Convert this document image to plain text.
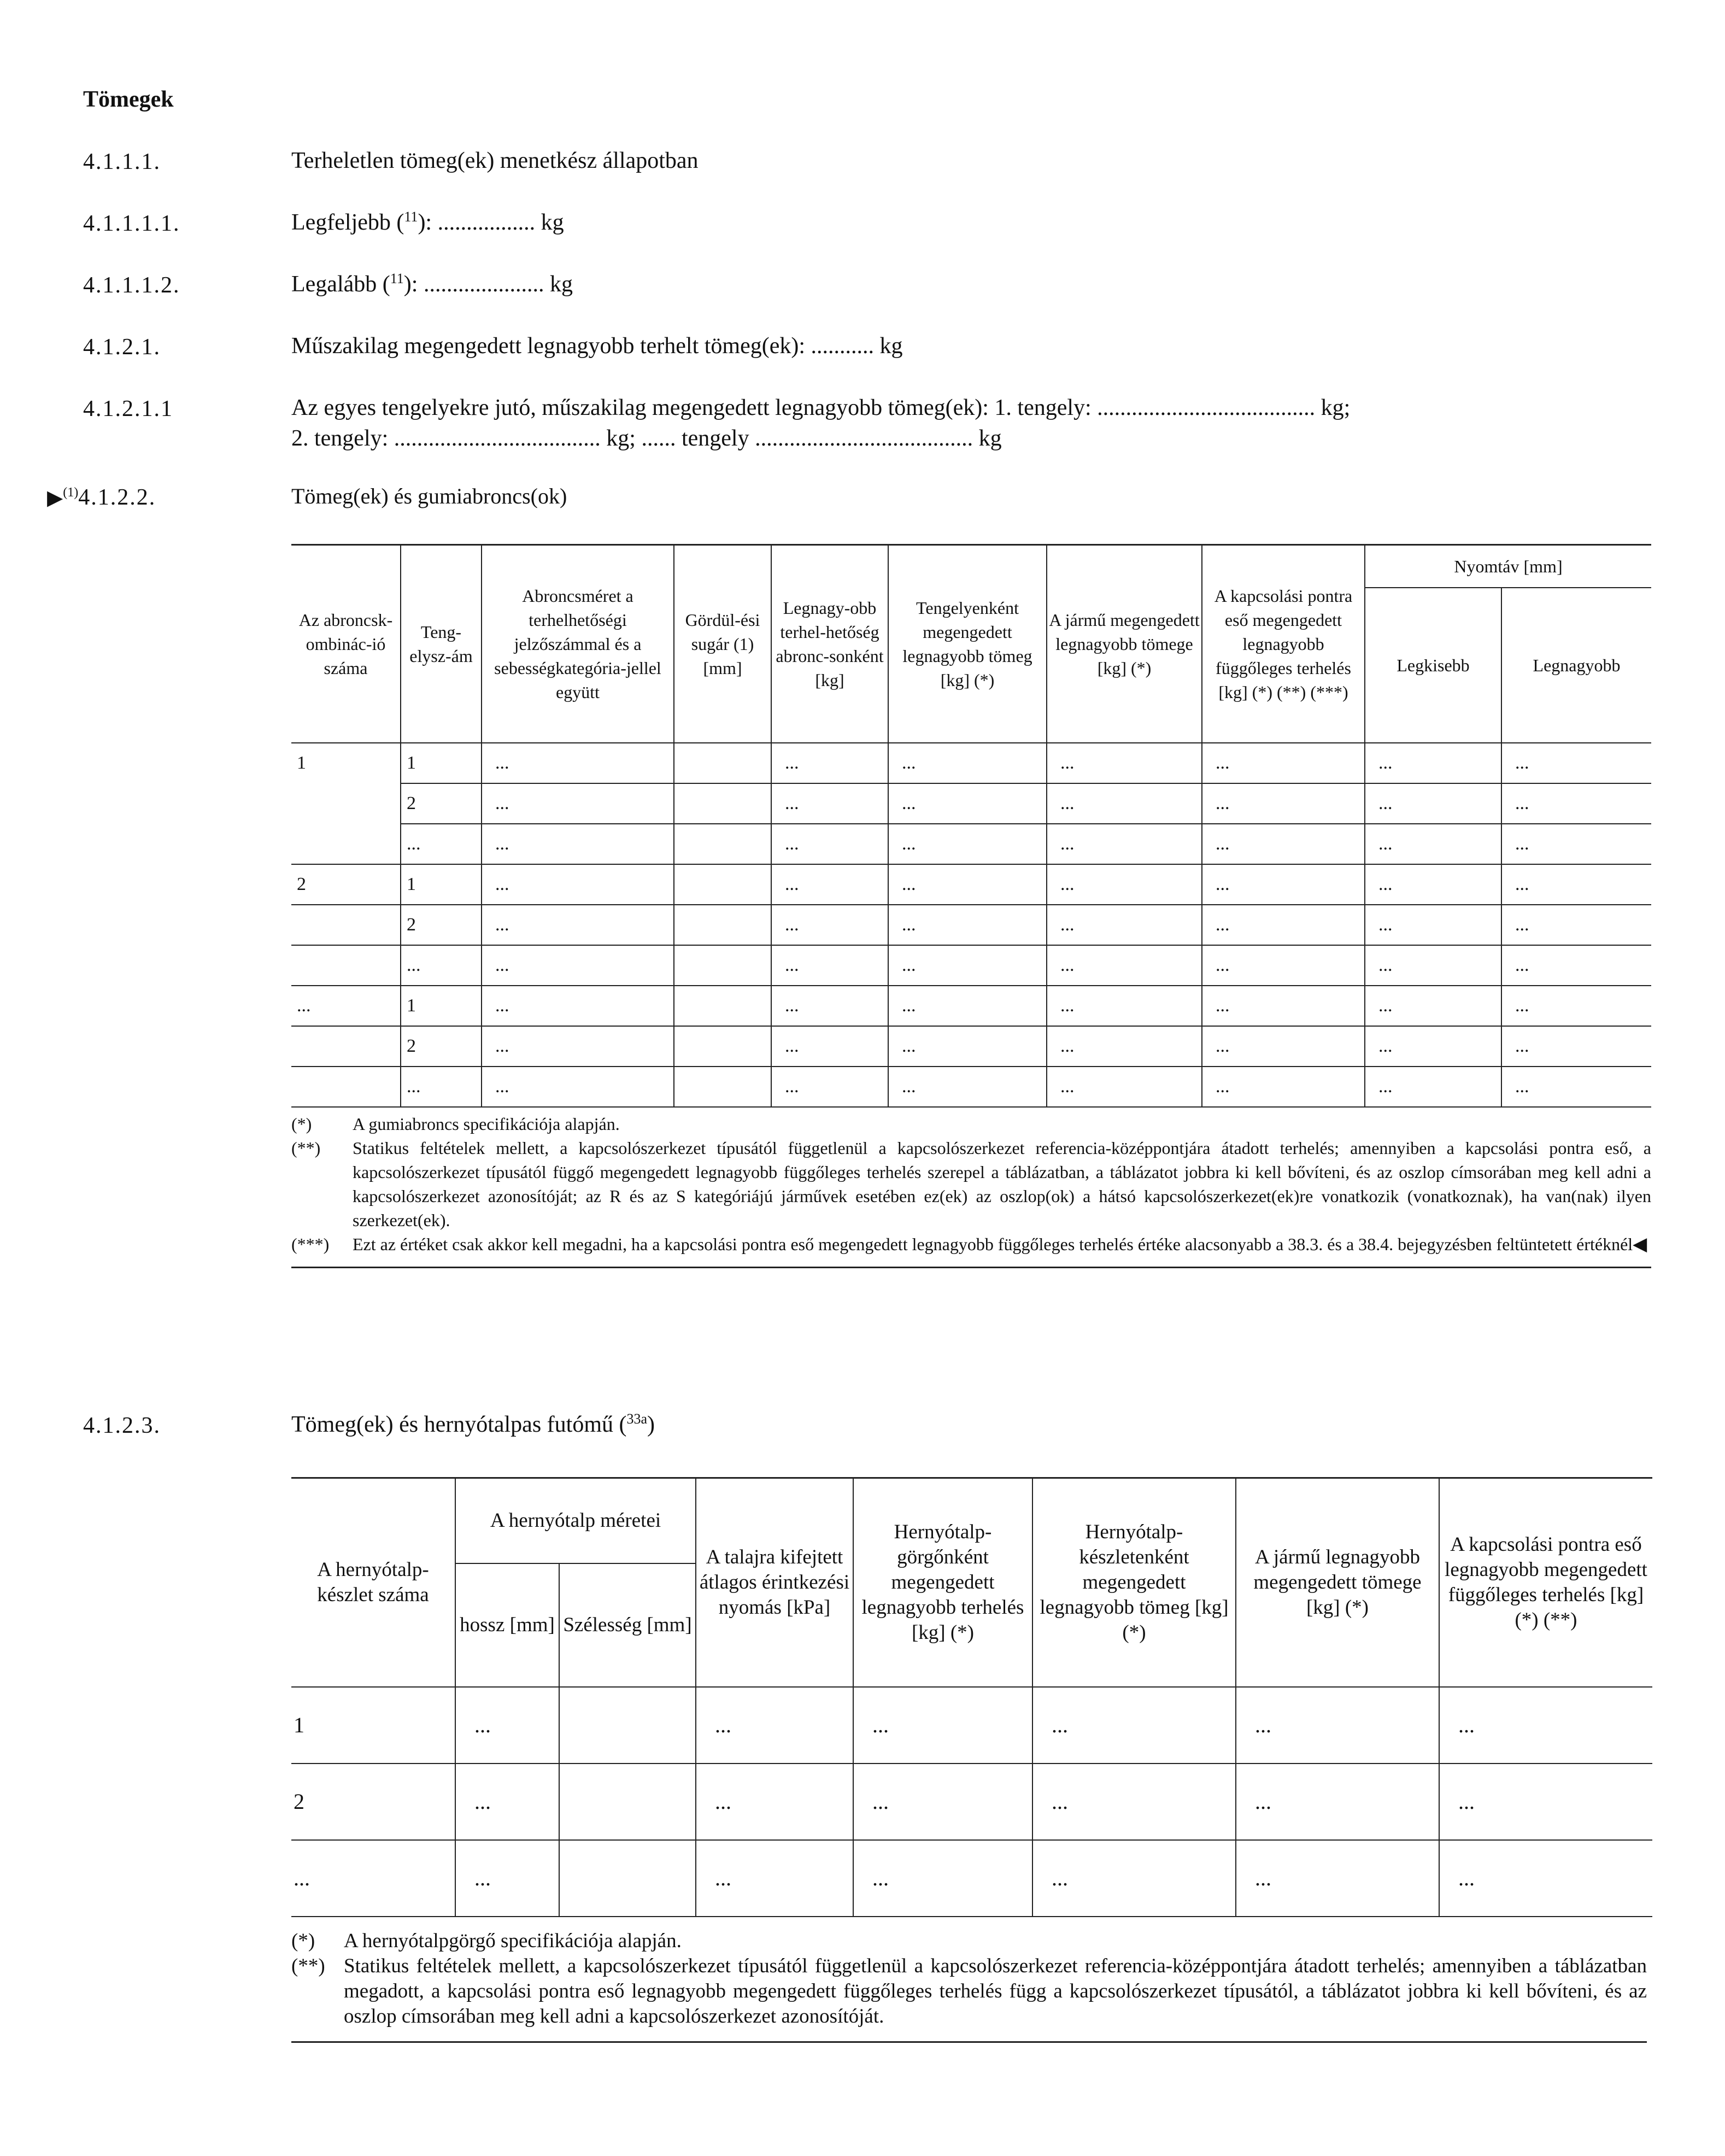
Tömegek
4.1.1.1.	Terheletlen tömeg(ek) menetkész állapotban
4.1.1.1.1.	Legfeljebb ($^{11}$): ................. kg
4.1.1.1.2.	Legalább ($^{11}$): ..................... kg
4.1.2.1.	Műszakilag megengedett legnagyobb terhelt tömeg(ek): ........... kg
4.1.2.1.1	Az egyes tengelyekre jutó, műszakilag megengedett legnagyobb tömeg(ek): 1. tengely: ...................................... kg;
2. tengely: .................................... kg; ...... tengely ...................................... kg
▶$^{(1)}$4.1.2.2.	Tömeg(ek) és gumiabroncs(ok)
Az abroncsk-ombinác-ió száma	Teng-elysz-ám	Abroncsméret a terhelhetőségi jelzőszámmal és a sebességkategória-jellel együtt	Gördül-ési sugár (1) [mm]	Legnagy-obb terhel-hetőség abronc-sonként [kg]	Tengelyenként megengedett legnagyobb tömeg [kg] (*)	A jármű megengedett legnagyobb tömege [kg] (*)	A kapcsolási pontra eső megengedett legnagyobb függőleges terhelés [kg] (*) (**) (***)	Nyomtáv [mm]	
								Legkisebb	Legnagyobb
1	1	...		...	...	...	...	...	...
	2	...		...	...	...	...	...	...
	...	...		...	...	...	...	...	...
2	1	...		...	...	...	...	...	...
	2	...		...	...	...	...	...	...
	...	...		...	...	...	...	...	...
...	1	...		...	...	...	...	...	...
	2	...		...	...	...	...	...	...
	...	...		...	...	...	...	...	...
(*)	A gumiabroncs specifikációja alapján.
(**)	Statikus feltételek mellett, a kapcsolószerkezet típusától függetlenül a kapcsolószerkezet referencia-középpontjára átadott terhelés; amennyiben a kapcsolási pontra eső, a kapcsolószerkezet típusától függő megengedett legnagyobb függőleges terhelés szerepel a táblázatban, a táblázatot jobbra ki kell bővíteni, és az oszlop címsorában meg kell adni a kapcsolószerkezet azonosítóját; az R és az S kategóriájú járművek esetében ez(ek) az oszlop(ok) a hátsó kapcsolószerkezet(ek)re vonatkozik (vonatkoznak), ha van(nak) ilyen szerkezet(ek).
(***)	Ezt az értéket csak akkor kell megadni, ha a kapcsolási pontra eső megengedett legnagyobb függőleges terhelés értéke alacsonyabb a 38.3. és a 38.4. bejegyzésben feltüntetett értéknél◀
4.1.2.3.	Tömeg(ek) és hernyótalpas futómű ($^{33a}$)
A hernyótalp-készlet száma	A hernyótalp méretei		A talajra kifejtett átlagos érintkezési nyomás [kPa]	Hernyótalp-görgőnként megengedett legnagyobb terhelés [kg] (*)	Hernyótalp-készletenként megengedett legnagyobb tömeg [kg] (*)	A jármű legnagyobb megengedett tömege [kg] (*)	A kapcsolási pontra eső legnagyobb megengedett függőleges terhelés [kg] (*) (**)
	hossz [mm]	Szélesség [mm]					
1	...		...	...	...	...	...
2	...		...	...	...	...	...
...	...		...	...	...	...	...
(*)	A hernyótalpgörgő specifikációja alapján.
(**) Statikus feltételek mellett, a kapcsolószerkezet típusától függetlenül a kapcsolószerkezet referencia-középpontjára átadott terhelés; amennyiben a táblázatban megadott, a kapcsolási pontra eső legnagyobb megengedett függőleges terhelés függ a kapcsolószerkezet típusától, a táblázatot jobbra ki kell bővíteni, és az oszlop címsorában meg kell adni a kapcsolószerkezet azonosítóját.
